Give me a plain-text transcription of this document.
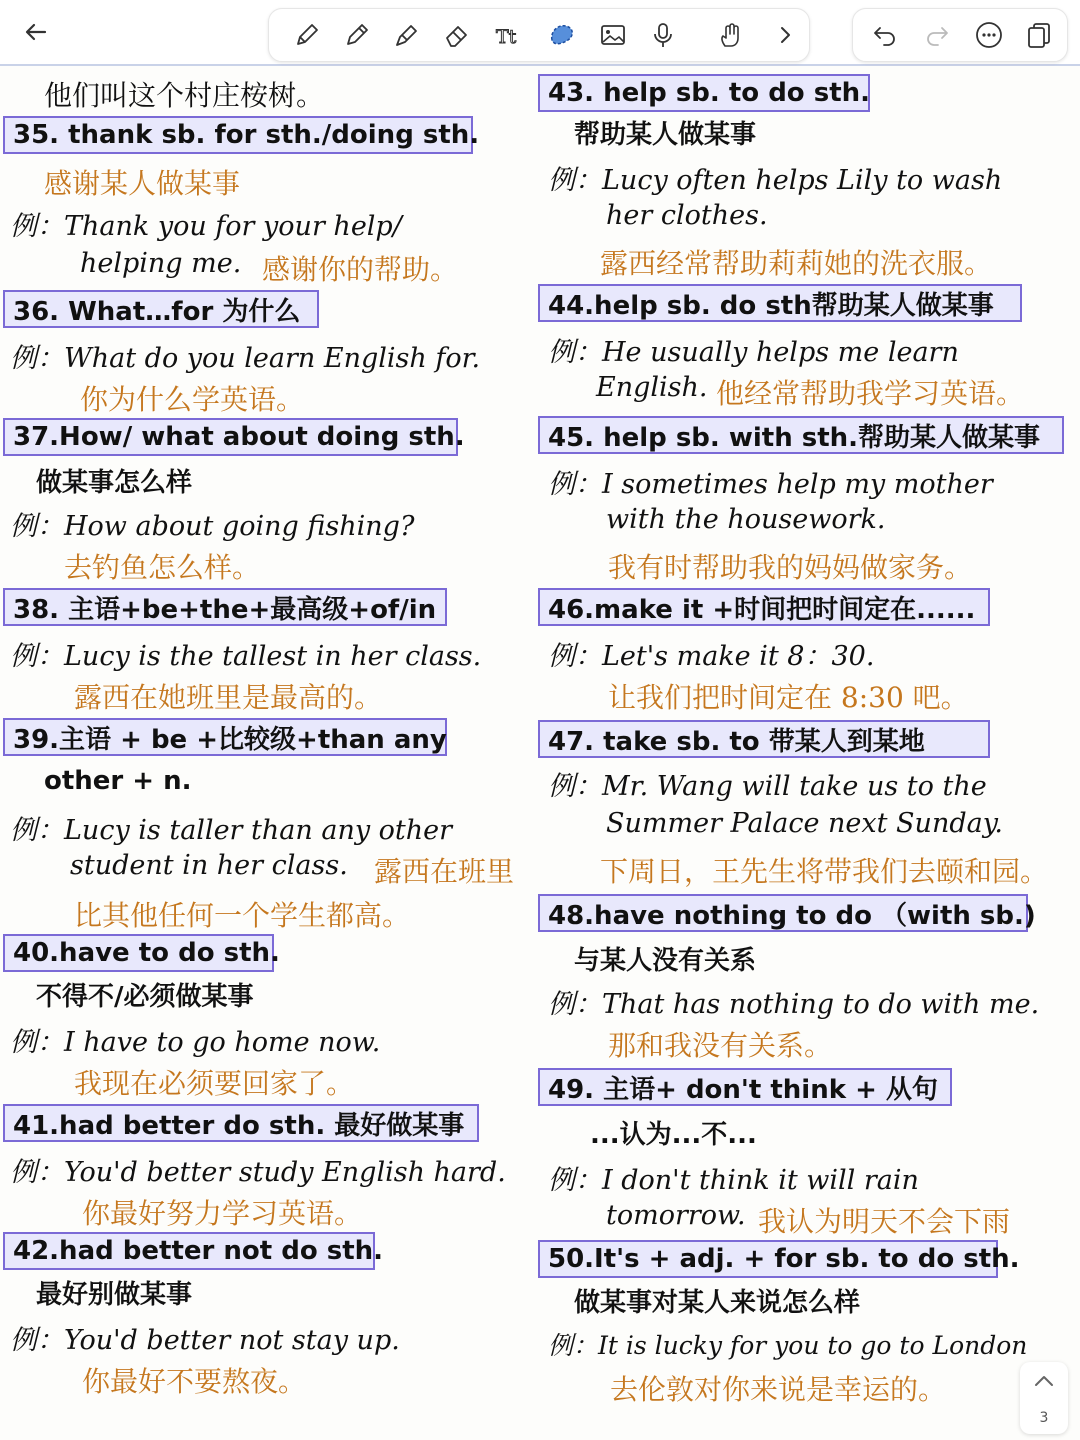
Tt
他们叫这个村庄桉树。
35. thank sb. for sth./doing sth.
感谢某人做某事
例：Thank you for your help/
helping me. 感谢你的帮助。
36. What…for 为什么
例：What do you learn English for.
你为什么学英语。
37.How/ what about doing sth.
做某事怎么样
例：How about going fishing?
去钓鱼怎么样。
38. 主语+be+the+最高级+of/in
例：Lucy is the tallest in her class.
露西在她班里是最高的。
39.主语 + be +比较级+than any
other + n.
例：Lucy is taller than any other
student in her class. 露西在班里
比其他任何一个学生都高。
40.have to do sth.
不得不/必须做某事
例：I have to go home now.
我现在必须要回家了。
41.had better do sth. 最好做某事
例：You'd better study English hard.
你最好努力学习英语。
42.had better not do sth.
最好别做某事
例：You'd better not stay up.
你最好不要熬夜。
43. help sb. to do sth.
帮助某人做某事
例：Lucy often helps Lily to wash
her clothes.
露西经常帮助莉莉她的洗衣服。
44.help sb. do sth帮助某人做某事
例：He usually helps me learn
English. 他经常帮助我学习英语。
45. help sb. with sth.帮助某人做某事
例：I sometimes help my mother
with the housework.
我有时帮助我的妈妈做家务。
46.make it +时间把时间定在......
例：Let's make it 8：30.
让我们把时间定在 8:30 吧。
47. take sb. to 带某人到某地
例：Mr. Wang will take us to the
Summer Palace next Sunday.
下周日，王先生将带我们去颐和园。
48.have nothing to do （with sb.)
与某人没有关系
例：That has nothing to do with me.
那和我没有关系。
49. 主语+ don't think + 从句
...认为...不...
例：I don't think it will rain
tomorrow. 我认为明天不会下雨
50.It's + adj. + for sb. to do sth.
做某事对某人来说怎么样
例：It is lucky for you to go to London
去伦敦对你来说是幸运的。
3
